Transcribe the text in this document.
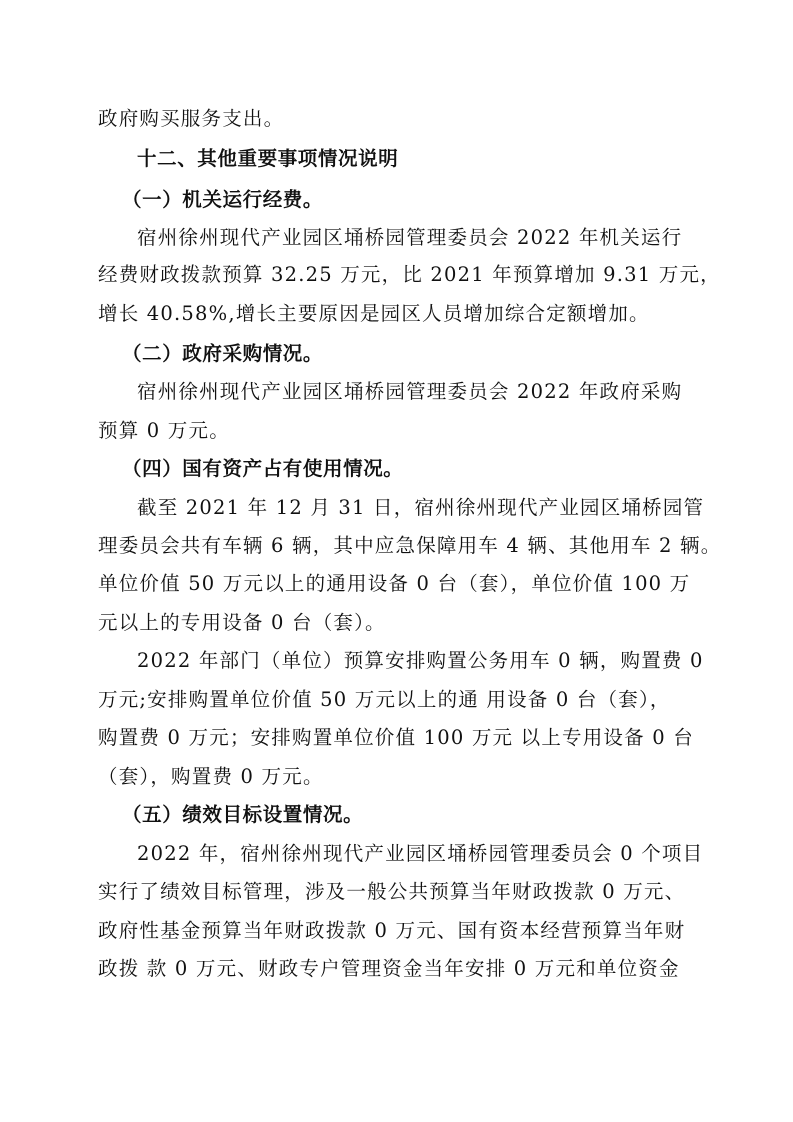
政府购买服务支出。
十二、其他重要事项情况说明
（一）机关运行经费。
宿州徐州现代产业园区埇桥园管理委员会 2022 年机关运行
经费财政拨款预算 32.25 万元，比 2021 年预算增加 9.31 万元，
增长 40.58%,增长主要原因是园区人员增加综合定额增加。
（二）政府采购情况。
宿州徐州现代产业园区埇桥园管理委员会 2022 年政府采购
预算 0 万元。
（四）国有资产占有使用情况。
截至 2021 年 12 月 31 日，宿州徐州现代产业园区埇桥园管
理委员会共有车辆 6 辆，其中应急保障用车 4 辆、其他用车 2 辆。
单位价值 50 万元以上的通用设备 0 台（套），单位价值 100 万
元以上的专用设备 0 台（套）。
2022 年部门（单位）预算安排购置公务用车 0 辆，购置费 0
万元;安排购置单位价值 50 万元以上的通 用设备 0 台（套），
购置费 0 万元；安排购置单位价值 100 万元 以上专用设备 0 台
（套），购置费 0 万元。
（五）绩效目标设置情况。
2022 年，宿州徐州现代产业园区埇桥园管理委员会 0 个项目
实行了绩效目标管理，涉及一般公共预算当年财政拨款 0 万元、
政府性基金预算当年财政拨款 0 万元、国有资本经营预算当年财
政拨 款 0 万元、财政专户管理资金当年安排 0 万元和单位资金
